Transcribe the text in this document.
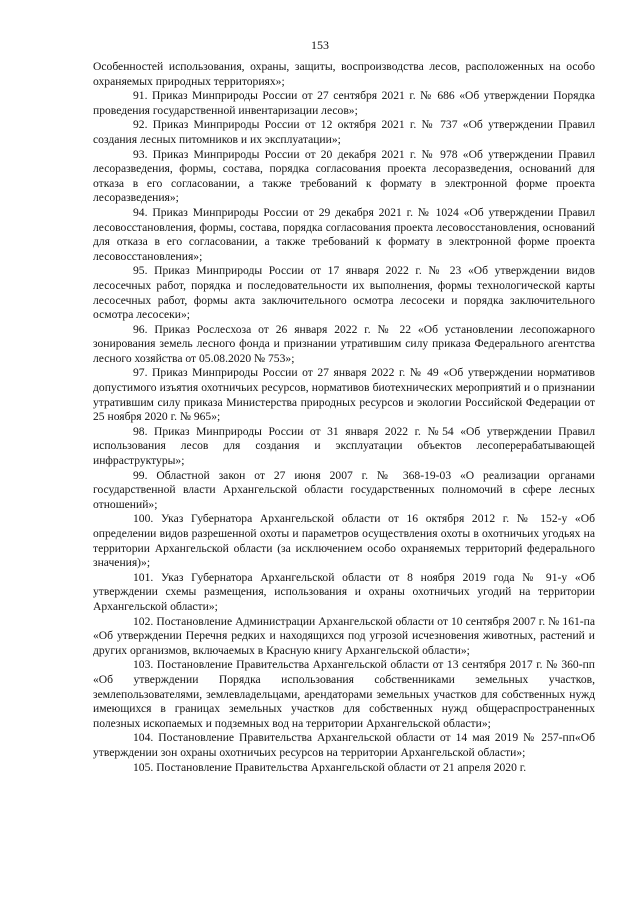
153

Особенностей использования, охраны, защиты, воспроизводства лесов, расположенных на особо охраняемых природных территориях»;

91. Приказ Минприроды России от 27 сентября 2021 г. № 686 «Об утверждении Порядка проведения государственной инвентаризации лесов»;

92. Приказ Минприроды России от 12 октября 2021 г. № 737 «Об утверждении Правил создания лесных питомников и их эксплуатации»;

93. Приказ Минприроды России от 20 декабря 2021 г. № 978 «Об утверждении Правил лесоразведения, формы, состава, порядка согласования проекта лесоразведения, оснований для отказа в его согласовании, а также требований к формату в электронной форме проекта лесоразведения»;

94. Приказ Минприроды России от 29 декабря 2021 г. № 1024 «Об утверждении Правил лесовосстановления, формы, состава, порядка согласования проекта лесовосстановления, оснований для отказа в его согласовании, а также требований к формату в электронной форме проекта лесовосстановления»;

95. Приказ Минприроды России от 17 января 2022 г. № 23 «Об утверждении видов лесосечных работ, порядка и последовательности их выполнения, формы технологической карты лесосечных работ, формы акта заключительного осмотра лесосеки и порядка заключительного осмотра лесосеки»;

96. Приказ Рослесхоза от 26 января 2022 г. № 22 «Об установлении лесопожарного зонирования земель лесного фонда и признании утратившим силу приказа Федерального агентства лесного хозяйства от 05.08.2020 № 753»;

97. Приказ Минприроды России от 27 января 2022 г. № 49 «Об утверждении нормативов допустимого изъятия охотничьих ресурсов, нормативов биотехнических мероприятий и о признании утратившим силу приказа Министерства природных ресурсов и экологии Российской Федерации от 25 ноября 2020 г. № 965»;

98. Приказ Минприроды России от 31 января 2022 г. №54 «Об утверждении Правил использования лесов для создания и эксплуатации объектов лесоперерабатывающей инфраструктуры»;

99. Областной закон от 27 июня 2007 г. № 368-19-03 «О реализации органами государственной власти Архангельской области государственных полномочий в сфере лесных отношений»;

100. Указ Губернатора Архангельской области от 16 октября 2012 г. № 152-у «Об определении видов разрешенной охоты и параметров осуществления охоты в охотничьих угодьях на территории Архангельской области (за исключением особо охраняемых территорий федерального значения)»;

101. Указ Губернатора Архангельской области от 8 ноября 2019 года № 91-у «Об утверждении схемы размещения, использования и охраны охотничьих угодий на территории Архангельской области»;

102. Постановление Администрации Архангельской области от 10 сентября 2007 г. № 161-па «Об утверждении Перечня редких и находящихся под угрозой исчезновения животных, растений и других организмов, включаемых в Красную книгу Архангельской области»;

103. Постановление Правительства Архангельской области от 13 сентября 2017 г. № 360-пп «Об утверждении Порядка использования собственниками земельных участков, землепользователями, землевладельцами, арендаторами земельных участков для собственных нужд имеющихся в границах земельных участков для собственных нужд общераспространенных полезных ископаемых и подземных вод на территории Архангельской области»;

104. Постановление Правительства Архангельской области от 14 мая 2019 № 257-пп«Об утверждении зон охраны охотничьих ресурсов на территории Архангельской области»;

105. Постановление Правительства Архангельской области от 21 апреля 2020 г.
